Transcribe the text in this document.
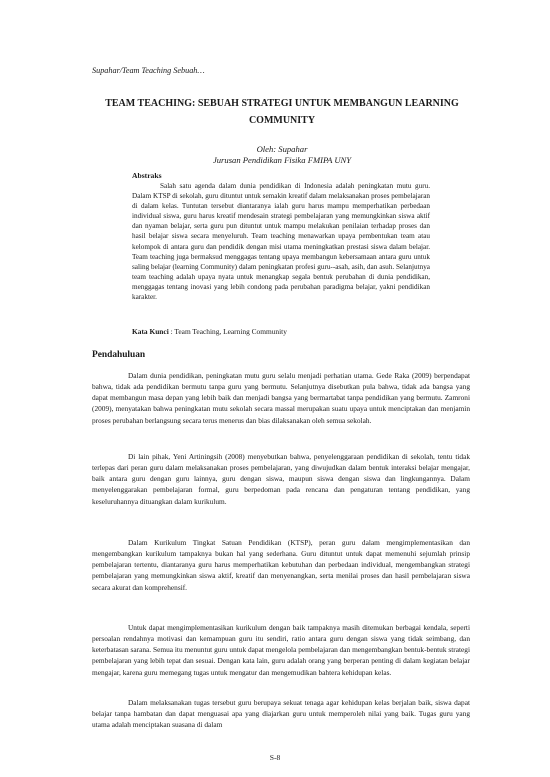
Supahar/Team Teaching Sebuah…
TEAM TEACHING: SEBUAH STRATEGI UNTUK MEMBANGUN LEARNING COMMUNITY
Oleh: Supahar
Jurusan Pendidikan Fisika FMIPA UNY
Abstraks

Salah satu agenda dalam dunia pendidikan di Indonesia adalah peningkatan mutu guru. Dalam KTSP di sekolah, guru dituntut untuk semakin kreatif dalam melaksanakan proses pembelajaran di dalam kelas. Tuntutan tersebut diantaranya ialah guru harus mampu memperhatikan perbedaan individual siswa, guru harus kreatif mendesain strategi pembelajaran yang memungkinkan siswa aktif dan nyaman belajar, serta guru pun dituntut untuk mampu melakukan penilaian terhadap proses dan hasil belajar siswa secara menyeluruh. Team teaching menawarkan upaya pembentukan team atau kelompok di antara guru dan pendidik dengan misi utama meningkatkan prestasi siswa dalam belajar. Team teaching juga bermaksud menggagas tentang upaya membangun kebersamaan antara guru untuk saling belajar (learning Community) dalam peningkatan profesi guru--asah, asih, dan asuh. Selanjutnya team teaching adalah upaya nyata untuk menangkap segala bentuk perubahan di dunia pendidikan, menggagas tentang inovasi yang lebih condong pada perubahan paradigma belajar, yakni pendidikan karakter.

Kata Kunci : Team Teaching, Learning Community
Pendahuluan

Dalam dunia pendidikan, peningkatan mutu guru selalu menjadi perhatian utama. Gede Raka (2009) berpendapat bahwa, tidak ada pendidikan bermutu tanpa guru yang bermutu. Selanjutnya disebutkan pula bahwa, tidak ada bangsa yang dapat membangun masa depan yang lebih baik dan menjadi bangsa yang bermartabat tanpa pendidikan yang bermutu. Zamroni (2009), menyatakan bahwa peningkatan mutu sekolah secara massal merupakan suatu upaya untuk menciptakan dan menjamin proses perubahan berlangsung secara terus menerus dan bias dilaksanakan oleh semua sekolah.

Di lain pihak, Yeni Artiningsih (2008) menyebutkan bahwa, penyelenggaraan pendidikan di sekolah, tentu tidak terlepas dari peran guru dalam melaksanakan proses pembelajaran, yang diwujudkan dalam bentuk interaksi belajar mengajar, baik antara guru dengan guru lainnya, guru dengan siswa, maupun siswa dengan siswa dan lingkungannya. Dalam menyelenggarakan pembelajaran formal, guru berpedoman pada rencana dan pengaturan tentang pendidikan, yang keseluruhannya dituangkan dalam kurikulum.

Dalam Kurikulum Tingkat Satuan Pendidikan (KTSP), peran guru dalam mengimplementasikan dan mengembangkan kurikulum tampaknya bukan hal yang sederhana. Guru dituntut untuk dapat memenuhi sejumlah prinsip pembelajaran tertentu, diantaranya guru harus memperhatikan kebutuhan dan perbedaan individual, mengembangkan strategi pembelajaran yang memungkinkan siswa aktif, kreatif dan menyenangkan, serta menilai proses dan hasil pembelajaran siswa secara akurat dan komprehensif.

Untuk dapat mengimplementasikan kurikulum dengan baik tampaknya masih ditemukan berbagai kendala, seperti persoalan rendahnya motivasi dan kemampuan guru itu sendiri, ratio antara guru dengan siswa yang tidak seimbang, dan keterbatasan sarana. Semua itu menuntut guru untuk dapat mengelola pembelajaran dan mengembangkan bentuk-bentuk strategi pembelajaran yang lebih tepat dan sesuai. Dengan kata lain, guru adalah orang yang berperan penting di dalam kegiatan belajar mengajar, karena guru memegang tugas untuk mengatur dan mengemudikan bahtera kehidupan kelas.

Dalam melaksanakan tugas tersebut guru berupaya sekuat tenaga agar kehidupan kelas berjalan baik, siswa dapat belajar tanpa hambatan dan dapat menguasai apa yang diajarkan guru untuk memperoleh nilai yang baik. Tugas guru yang utama adalah menciptakan suasana di dalam

S-8
